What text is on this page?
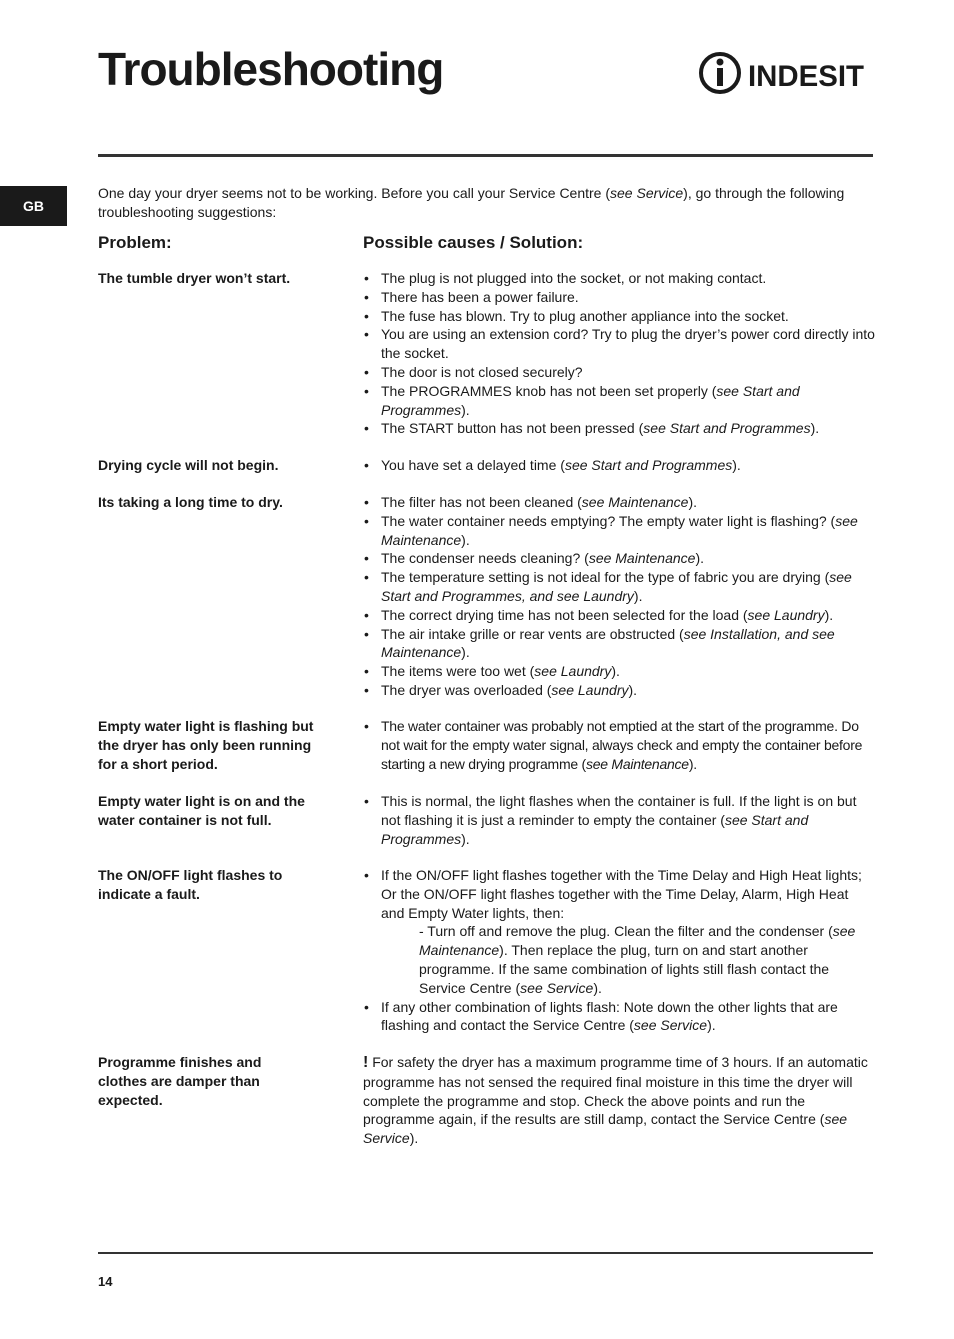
Troubleshooting	INDESIT
GB
One day your dryer seems not to be working. Before you call your Service Centre (see Service), go through the following troubleshooting suggestions:
Problem:	Possible causes / Solution:
The tumble dryer won’t start.	• The plug is not plugged into the socket, or not making contact.
• There has been a power failure.
• The fuse has blown. Try to plug another appliance into the socket.
• You are using an extension cord? Try to plug the dryer’s power cord directly into the socket.
• The door is not closed securely?
• The PROGRAMMES knob has not been set properly (see Start and Programmes).
• The START button has not been pressed (see Start and Programmes).
Drying cycle will not begin.	• You have set a delayed time (see Start and Programmes).
Its taking a long time to dry.	• The filter has not been cleaned (see Maintenance).
• The water container needs emptying? The empty water light is flashing? (see Maintenance).
• The condenser needs cleaning? (see Maintenance).
• The temperature setting is not ideal for the type of fabric you are drying (see Start and Programmes, and see Laundry).
• The correct drying time has not been selected for the load (see Laundry).
• The air intake grille or rear vents are obstructed (see Installation, and see Maintenance).
• The items were too wet (see Laundry).
• The dryer was overloaded (see Laundry).
Empty water light is flashing but the dryer has only been running for a short period.
• The water container was probably not emptied at the start of the programme. Do not wait for the empty water signal, always check and empty the container before starting a new drying programme (see Maintenance).
Empty water light is on and the water container is not full.
• This is normal, the light flashes when the container is full. If the light is on but not flashing it is just a reminder to empty the container (see Start and Programmes).
The ON/OFF light flashes to indicate a fault.
• If the ON/OFF light flashes together with the Time Delay and High Heat lights; Or the ON/OFF light flashes together with the Time Delay, Alarm, High Heat and Empty Water lights, then:
- Turn off and remove the plug. Clean the filter and the condenser (see Maintenance). Then replace the plug, turn on and start another programme. If the same combination of lights still flash contact the Service Centre (see Service).
• If any other combination of lights flash: Note down the other lights that are flashing and contact the Service Centre (see Service).
Programme finishes and clothes are damper than expected.
! For safety the dryer has a maximum programme time of 3 hours. If an automatic programme has not sensed the required final moisture in this time the dryer will complete the programme and stop. Check the above points and run the programme again, if the results are still damp, contact the Service Centre (see Service).
14
